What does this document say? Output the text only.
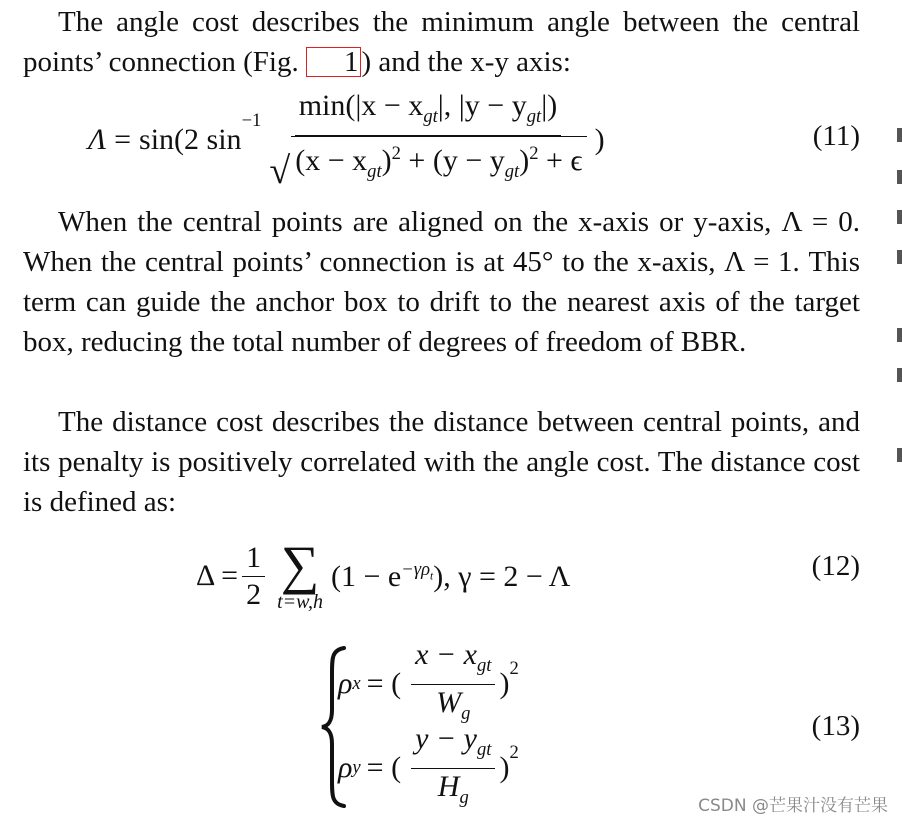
The angle cost describes the minimum angle between the central points’ connection (Fig. 1 ) and the x-y axis:
Λ = sin(2 sin
$^{-1} \frac{\min(|x - x_{gt}|, |y - y_{gt}|)}{√ (x - x_{gt})^2 + (y - y_{gt})^2 + \epsilon}$ )	(11)
When the central points are aligned on the x-axis or y-axis, Λ = 0. When the central points’ connection is at 45° to the x-axis, Λ = 1. This term can guide the anchor box to drift to the nearest axis of the target box, reducing the total number of degrees of freedom of BBR.
The distance cost describes the distance between central points, and its penalty is positively correlated with the angle cost. The distance cost is defined as:
$\Delta = \frac{1}{2}$ ∑
t=w,h
$(1 - e^{-\gamma\rho_t})$, γ = 2 − Λ	(12)
ρ x = ( $\frac{x - x_{gt}}{W_g} )^2$
ρ y = ( $\frac{y - y_{gt}}{H_g} )^2$
(13)
CSDN @芒果汁没有芒果
